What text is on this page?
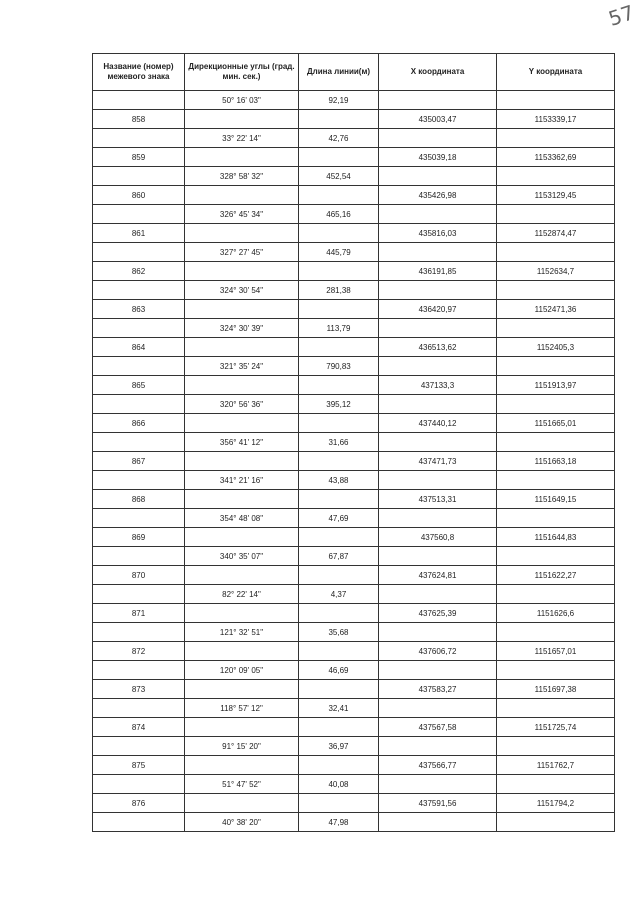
57
Название (номер) межевого знака	Дирекционные углы (град. мин. сек.)	Длина линии(м)	X координата	Y координата
	50° 16' 03"	92,19		
858			435003,47	1153339,17
	33° 22' 14"	42,76		
859			435039,18	1153362,69
	328° 58' 32"	452,54		
860			435426,98	1153129,45
	326° 45' 34"	465,16		
861			435816,03	1152874,47
	327° 27' 45"	445,79		
862			436191,85	1152634,7
	324° 30' 54"	281,38		
863			436420,97	1152471,36
	324° 30' 39"	113,79		
864			436513,62	1152405,3
	321° 35' 24"	790,83		
865			437133,3	1151913,97
	320° 56' 36"	395,12		
866			437440,12	1151665,01
	356° 41' 12"	31,66		
867			437471,73	1151663,18
	341° 21' 16"	43,88		
868			437513,31	1151649,15
	354° 48' 08"	47,69		
869			437560,8	1151644,83
	340° 35' 07"	67,87		
870			437624,81	1151622,27
	82° 22' 14"	4,37		
871			437625,39	1151626,6
	121° 32' 51"	35,68		
872			437606,72	1151657,01
	120° 09' 05"	46,69		
873			437583,27	1151697,38
	118° 57' 12"	32,41		
874			437567,58	1151725,74
	91° 15' 20"	36,97		
875			437566,77	1151762,7
	51° 47' 52"	40,08		
876			437591,56	1151794,2
	40° 38' 20"	47,98		
